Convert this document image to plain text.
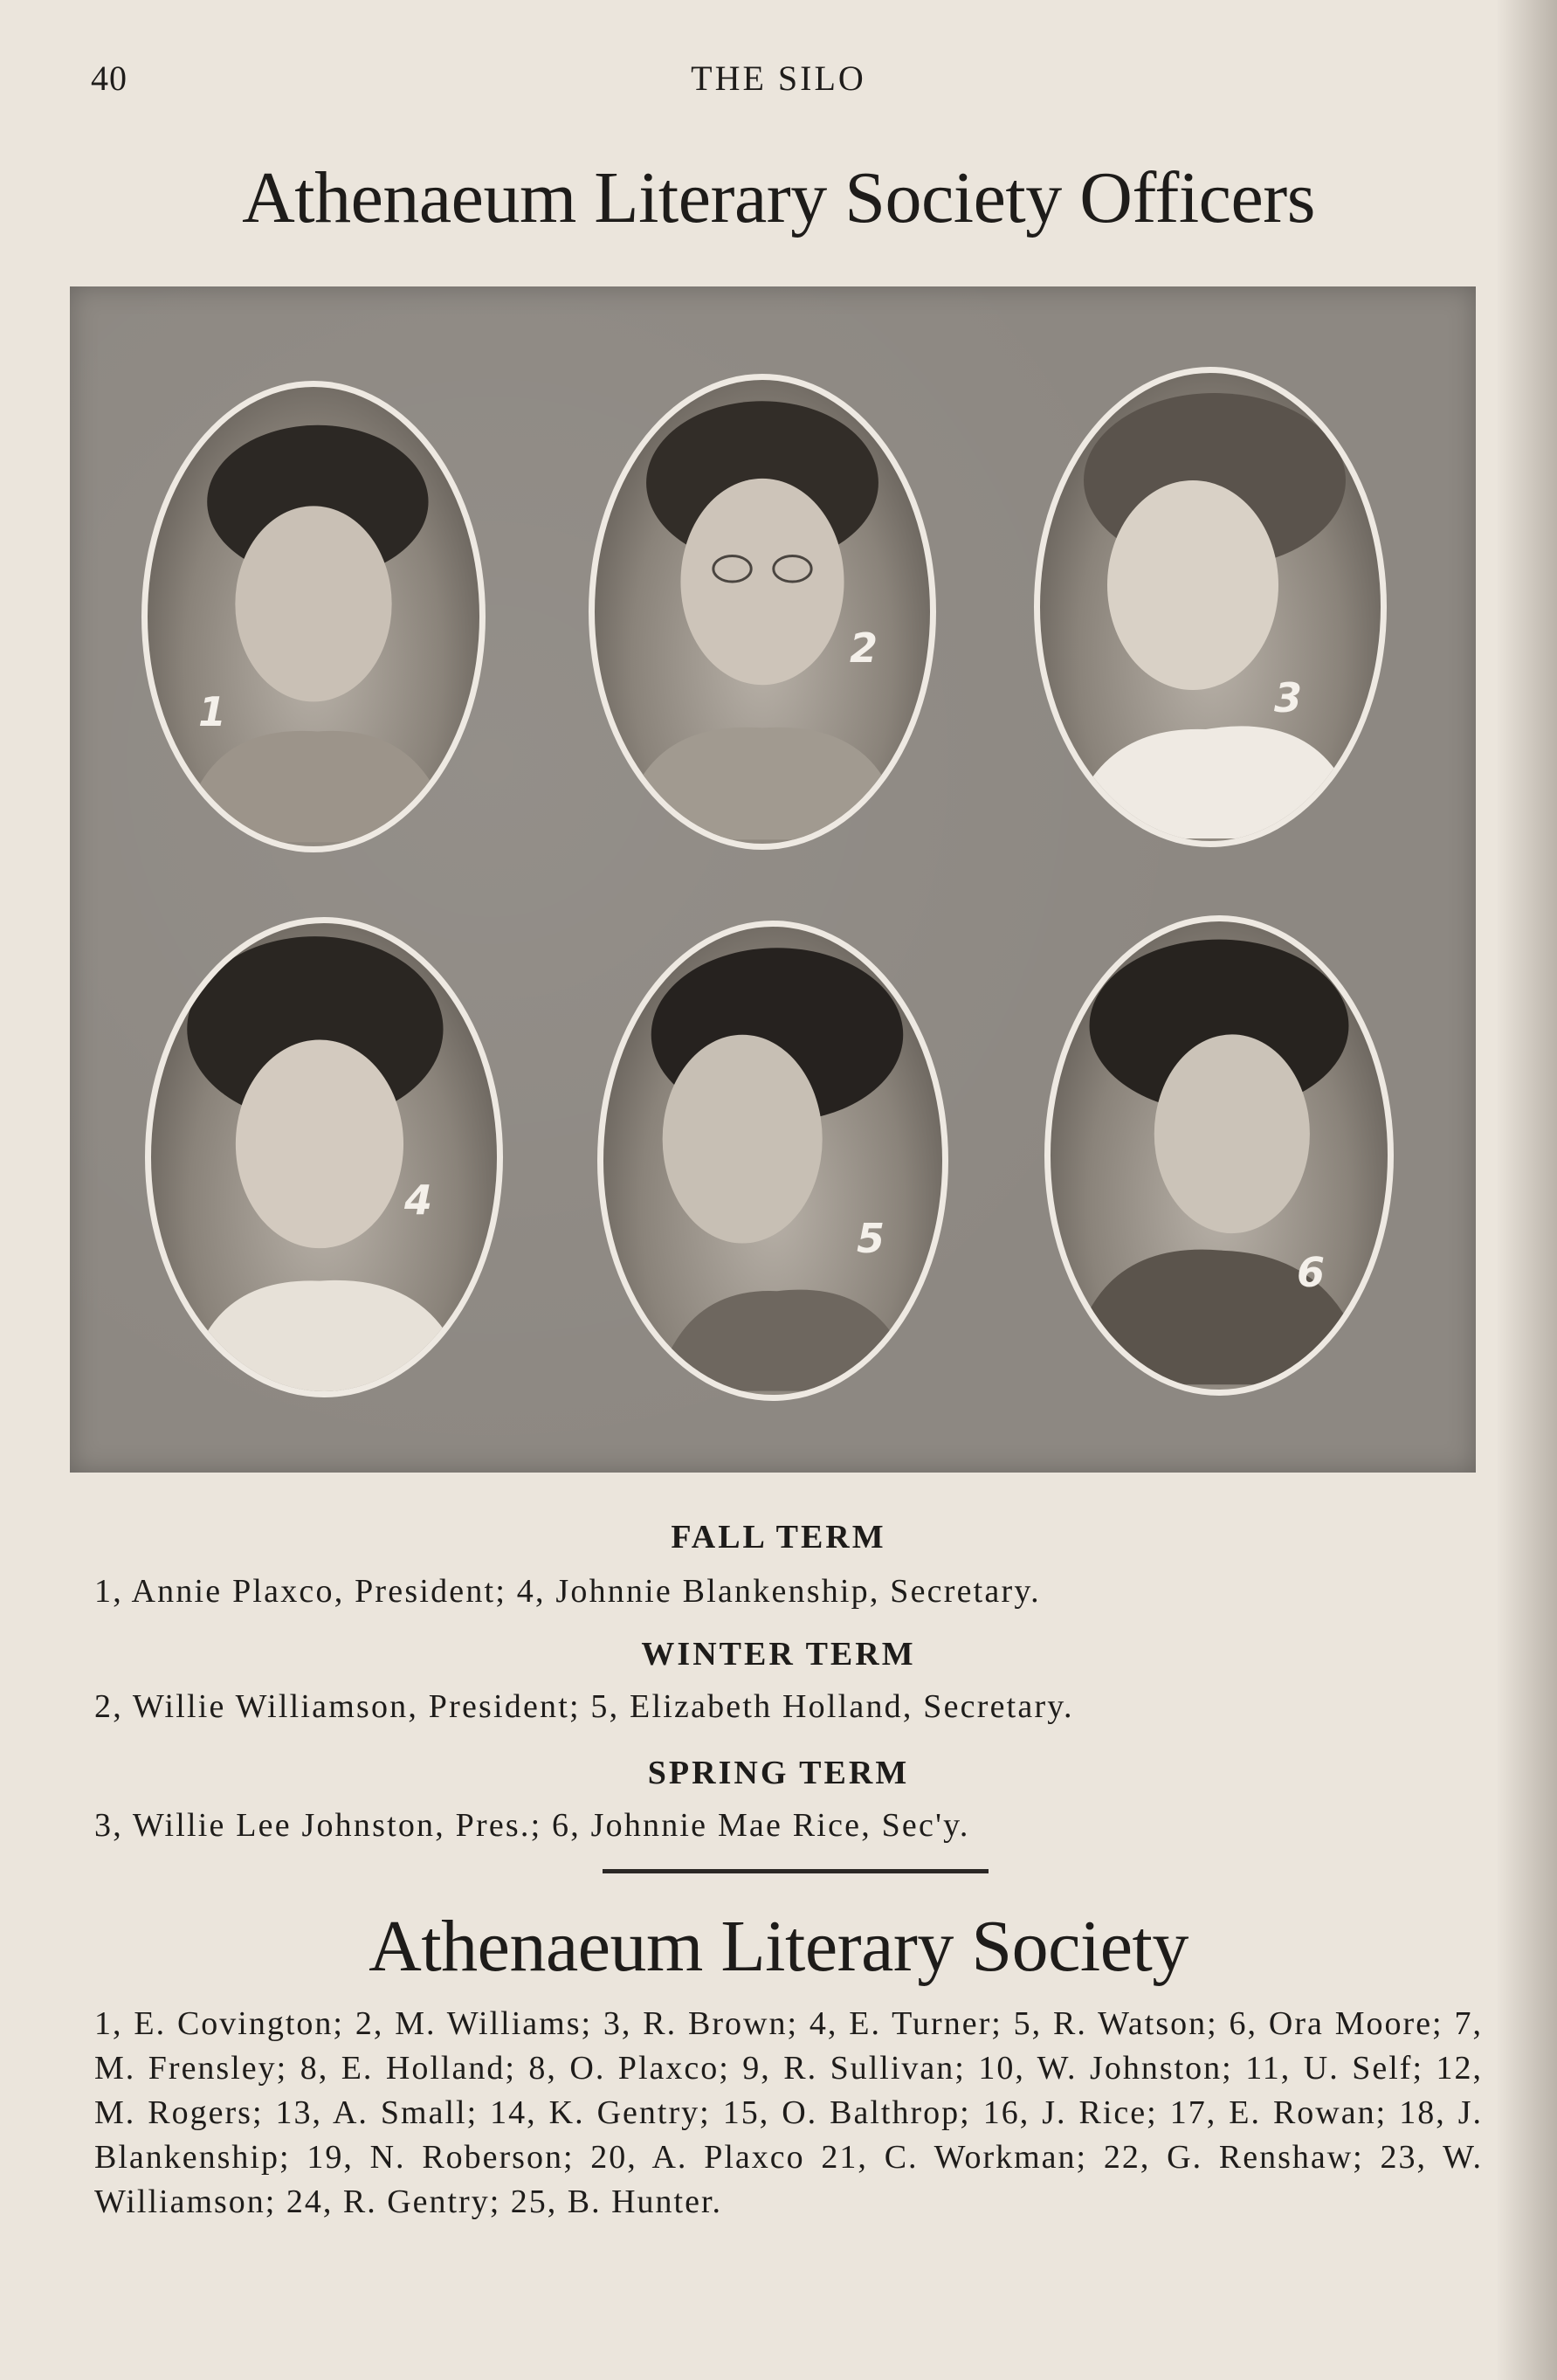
40	THE SILO
Athenaeum Literary Society Officers
1
2
3
4
5
6
FALL TERM
1, Annie Plaxco, President; 4, Johnnie Blankenship, Secretary.
WINTER TERM
2, Willie Williamson, President; 5, Elizabeth Holland, Secretary.
SPRING TERM
3, Willie Lee Johnston, Pres.; 6, Johnnie Mae Rice, Sec'y.
Athenaeum Literary Society

1, E. Covington; 2, M. Williams; 3, R. Brown; 4, E. Turner; 5, R. Watson; 6, Ora Moore; 7, M. Frensley; 8, E. Holland; 8, O. Plaxco; 9, R. Sullivan; 10, W. Johnston; 11, U. Self; 12, M. Rogers; 13, A. Small; 14, K. Gentry; 15, O. Balthrop; 16, J. Rice; 17, E. Rowan; 18, J. Blankenship; 19, N. Roberson; 20, A. Plaxco 21, C. Workman; 22, G. Renshaw; 23, W. Williamson; 24, R. Gentry; 25, B. Hunter.
